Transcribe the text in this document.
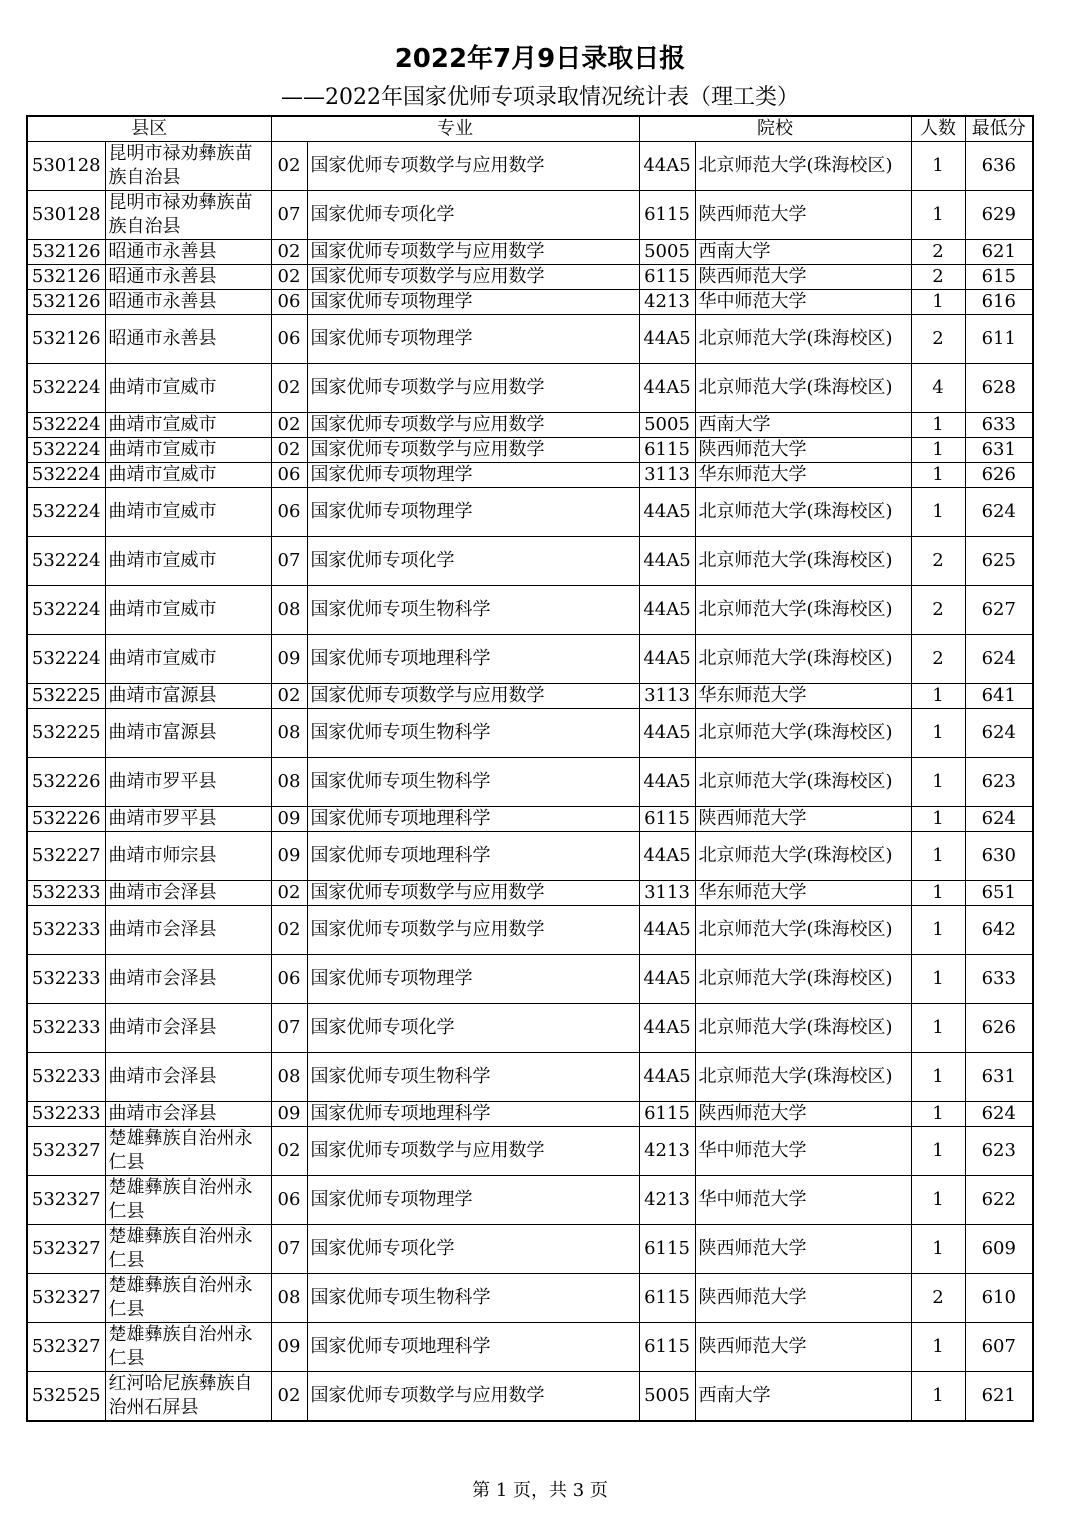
2022年7月9日录取日报
——2022年国家优师专项录取情况统计表（理工类）
县区		专业		院校		人数	最低分
530128	昆明市禄劝彝族苗族自治县	02	国家优师专项数学与应用数学	44A5	北京师范大学(珠海校区)	1	636
530128	昆明市禄劝彝族苗族自治县	07	国家优师专项化学	6115	陕西师范大学	1	629
532126	昭通市永善县	02	国家优师专项数学与应用数学	5005	西南大学	2	621
532126	昭通市永善县	02	国家优师专项数学与应用数学	6115	陕西师范大学	2	615
532126	昭通市永善县	06	国家优师专项物理学	4213	华中师范大学	1	616
532126	昭通市永善县	06	国家优师专项物理学	44A5	北京师范大学(珠海校区)	2	611
532224	曲靖市宣威市	02	国家优师专项数学与应用数学	44A5	北京师范大学(珠海校区)	4	628
532224	曲靖市宣威市	02	国家优师专项数学与应用数学	5005	西南大学	1	633
532224	曲靖市宣威市	02	国家优师专项数学与应用数学	6115	陕西师范大学	1	631
532224	曲靖市宣威市	06	国家优师专项物理学	3113	华东师范大学	1	626
532224	曲靖市宣威市	06	国家优师专项物理学	44A5	北京师范大学(珠海校区)	1	624
532224	曲靖市宣威市	07	国家优师专项化学	44A5	北京师范大学(珠海校区)	2	625
532224	曲靖市宣威市	08	国家优师专项生物科学	44A5	北京师范大学(珠海校区)	2	627
532224	曲靖市宣威市	09	国家优师专项地理科学	44A5	北京师范大学(珠海校区)	2	624
532225	曲靖市富源县	02	国家优师专项数学与应用数学	3113	华东师范大学	1	641
532225	曲靖市富源县	08	国家优师专项生物科学	44A5	北京师范大学(珠海校区)	1	624
532226	曲靖市罗平县	08	国家优师专项生物科学	44A5	北京师范大学(珠海校区)	1	623
532226	曲靖市罗平县	09	国家优师专项地理科学	6115	陕西师范大学	1	624
532227	曲靖市师宗县	09	国家优师专项地理科学	44A5	北京师范大学(珠海校区)	1	630
532233	曲靖市会泽县	02	国家优师专项数学与应用数学	3113	华东师范大学	1	651
532233	曲靖市会泽县	02	国家优师专项数学与应用数学	44A5	北京师范大学(珠海校区)	1	642
532233	曲靖市会泽县	06	国家优师专项物理学	44A5	北京师范大学(珠海校区)	1	633
532233	曲靖市会泽县	07	国家优师专项化学	44A5	北京师范大学(珠海校区)	1	626
532233	曲靖市会泽县	08	国家优师专项生物科学	44A5	北京师范大学(珠海校区)	1	631
532233	曲靖市会泽县	09	国家优师专项地理科学	6115	陕西师范大学	1	624
532327	楚雄彝族自治州永仁县	02	国家优师专项数学与应用数学	4213	华中师范大学	1	623
532327	楚雄彝族自治州永仁县	06	国家优师专项物理学	4213	华中师范大学	1	622
532327	楚雄彝族自治州永仁县	07	国家优师专项化学	6115	陕西师范大学	1	609
532327	楚雄彝族自治州永仁县	08	国家优师专项生物科学	6115	陕西师范大学	2	610
532327	楚雄彝族自治州永仁县	09	国家优师专项地理科学	6115	陕西师范大学	1	607
532525	红河哈尼族彝族自治州石屏县	02	国家优师专项数学与应用数学	5005	西南大学	1	621
第 1 页，共 3 页
